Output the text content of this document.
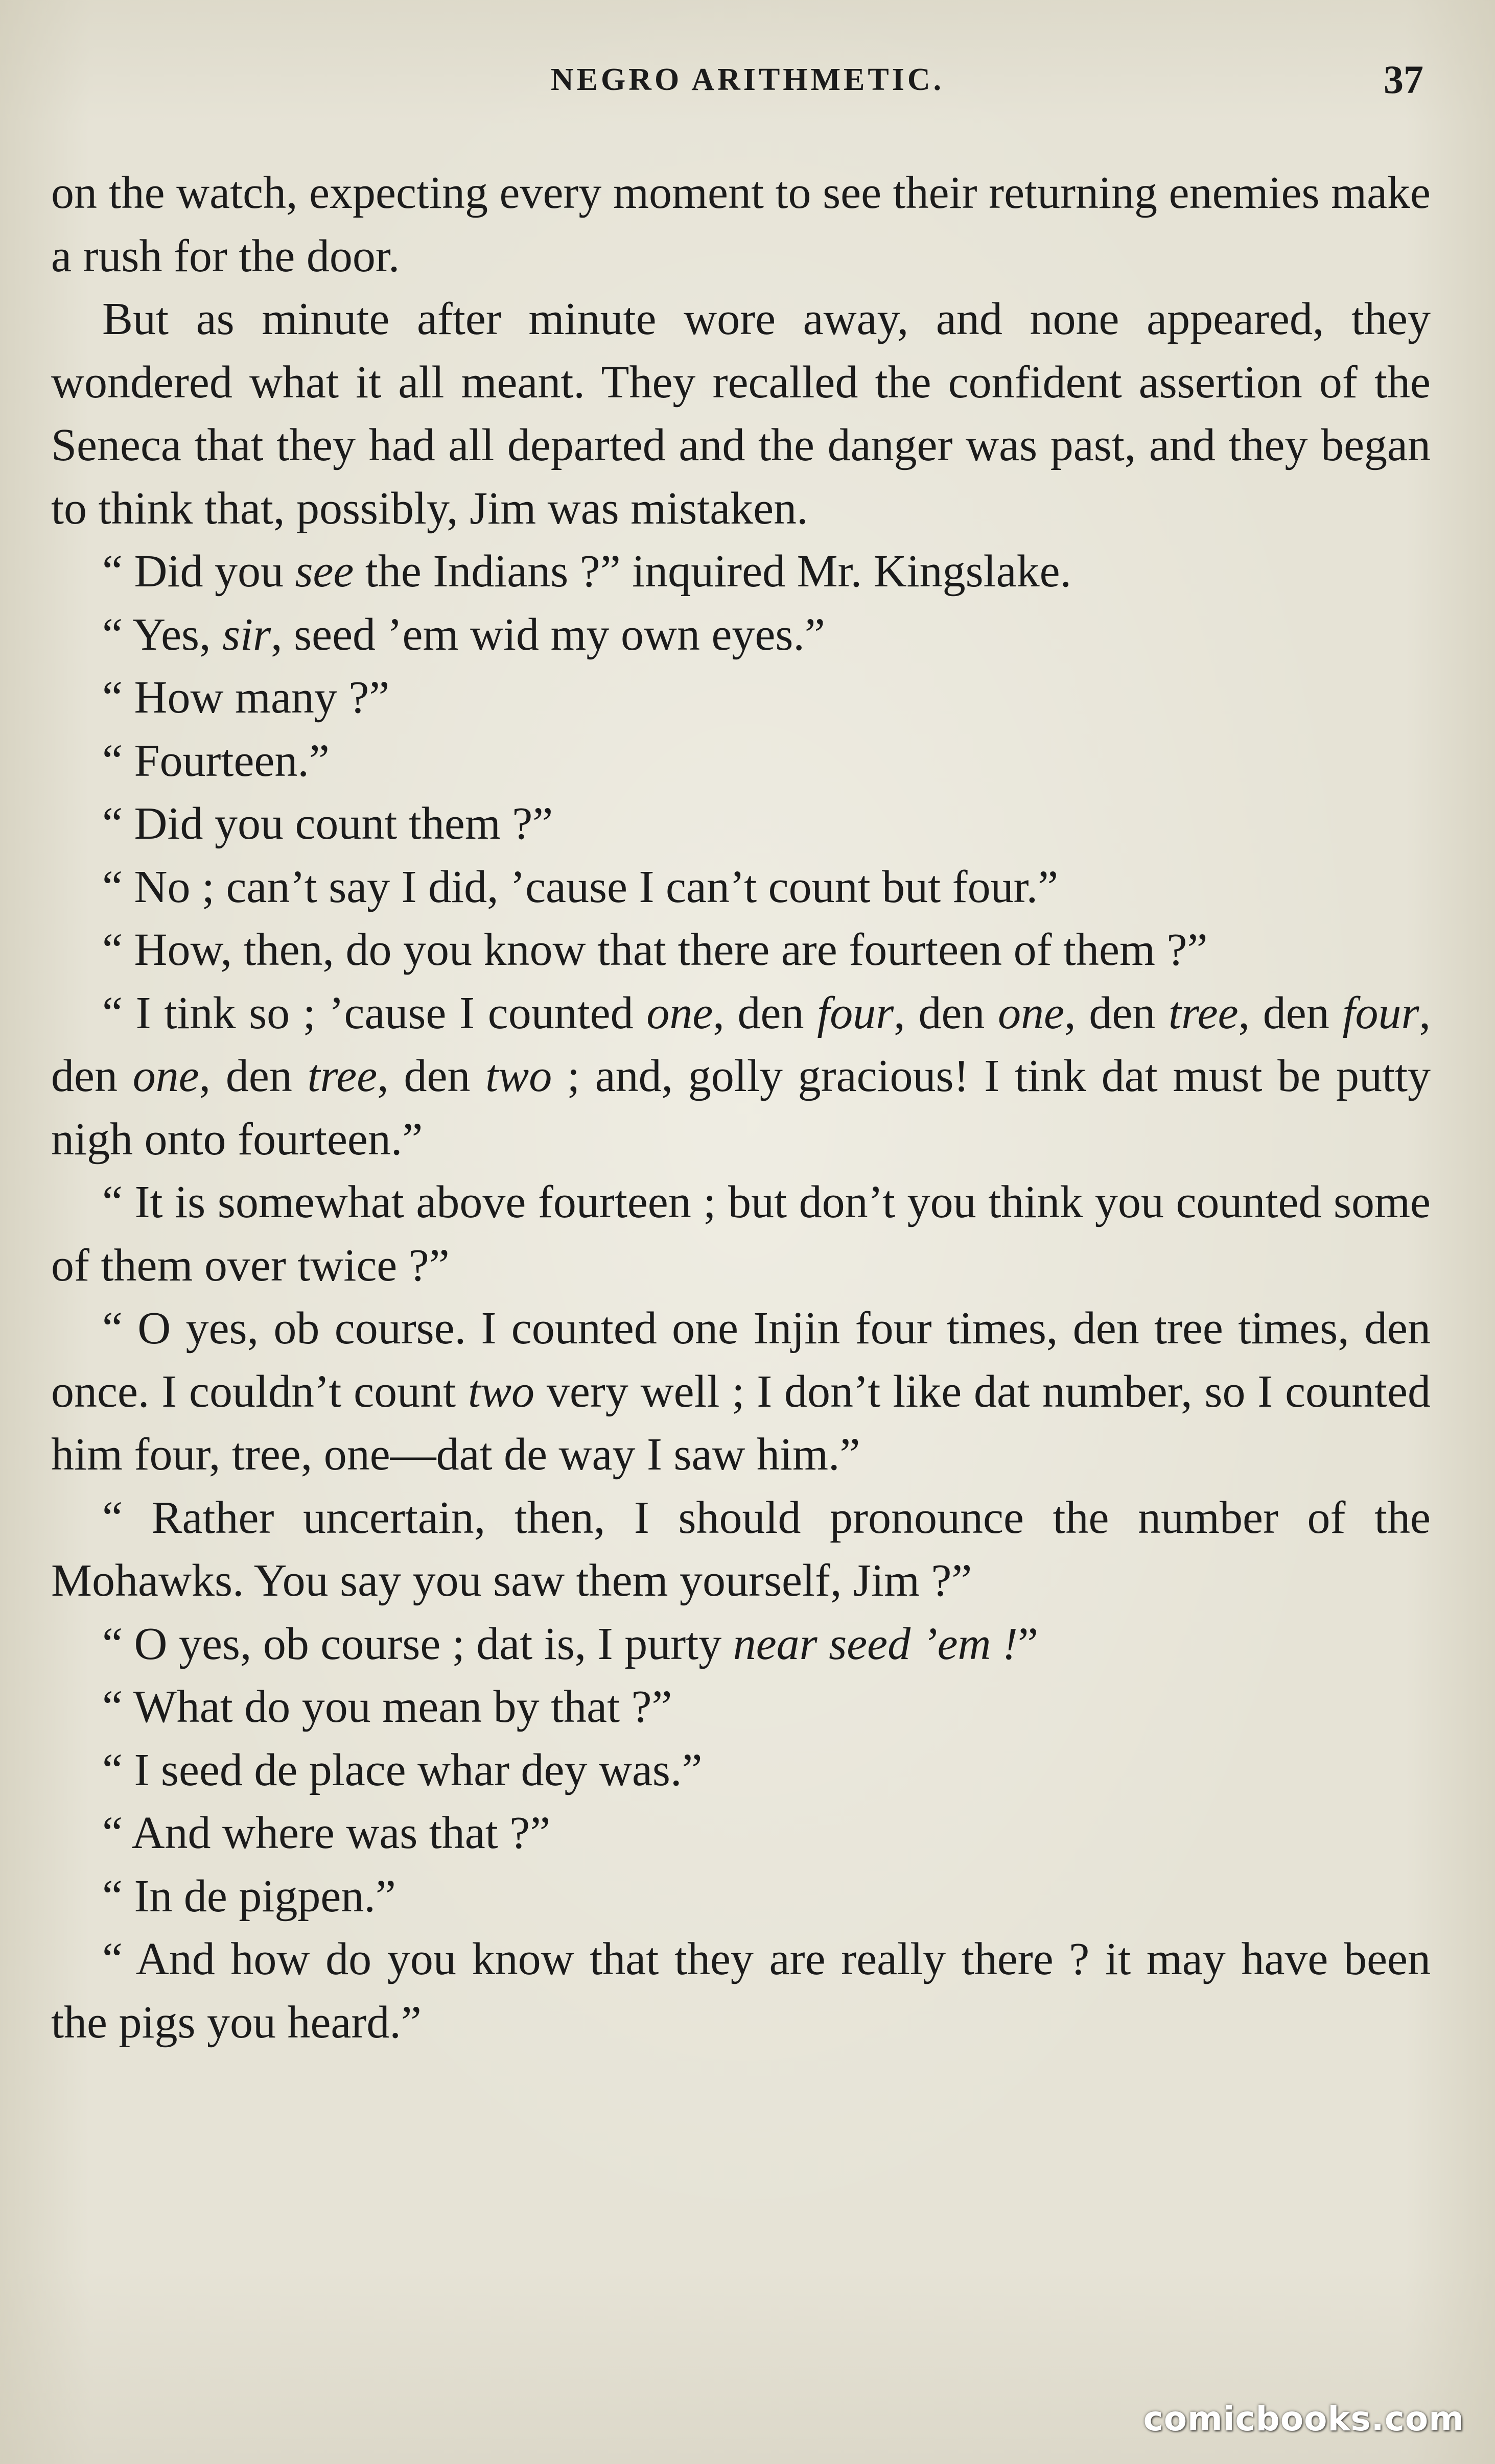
NEGRO ARITHMETIC.	37

on the watch, expecting every moment to see their returning enemies make a rush for the door.

But as minute after minute wore away, and none appeared, they wondered what it all meant. They recalled the confident assertion of the Seneca that they had all departed and the danger was past, and they began to think that, possibly, Jim was mistaken.

“ Did you see the Indians ?” inquired Mr. Kingslake.

“ Yes, sir, seed ’em wid my own eyes.”

“ How many ?”

“ Fourteen.”

“ Did you count them ?”

“ No ; can’t say I did, ’cause I can’t count but four.”

“ How, then, do you know that there are fourteen of them ?”

“ I tink so ; ’cause I counted one, den four, den one, den tree, den four, den one, den tree, den two ; and, golly gracious! I tink dat must be putty nigh onto fourteen.”

“ It is somewhat above fourteen ; but don’t you think you counted some of them over twice ?”

“ O yes, ob course. I counted one Injin four times, den tree times, den once. I couldn’t count two very well ; I don’t like dat number, so I counted him four, tree, one—dat de way I saw him.”

“ Rather uncertain, then, I should pronounce the number of the Mohawks. You say you saw them yourself, Jim ?”

“ O yes, ob course ; dat is, I purty near seed ’em !”

“ What do you mean by that ?”

“ I seed de place whar dey was.”

“ And where was that ?”

“ In de pigpen.”

“ And how do you know that they are really there ? it may have been the pigs you heard.”

comicbooks.com
